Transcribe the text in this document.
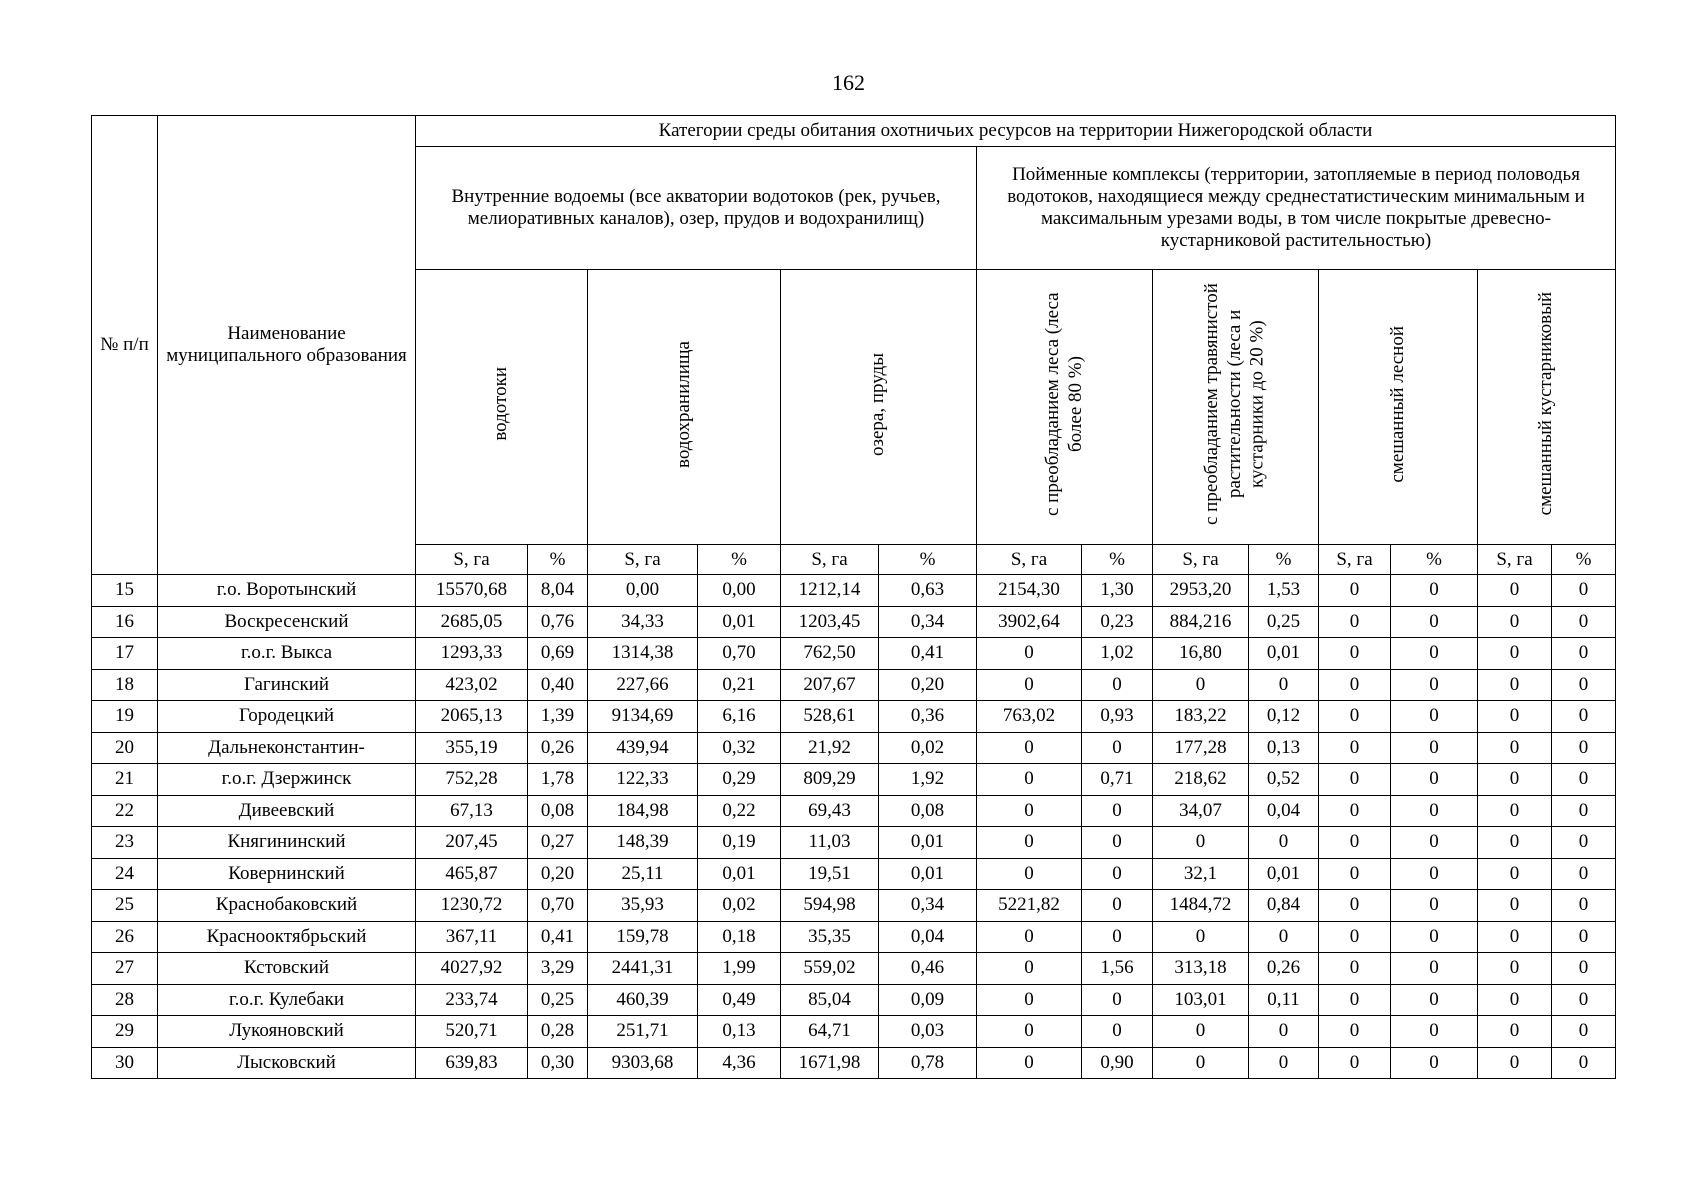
162
№ п/п	Наименование муниципального образования	Категории среды обитания охотничьих ресурсов на территории Нижегородской области													
		Внутренние водоемы (все акватории водотоков (рек, ручьев, мелиоративных каналов), озер, прудов и водохранилищ)						Пойменные комплексы (территории, затопляемые в период половодья водотоков, находящиеся между среднестатистическим минимальным и максимальным урезами воды, в том числе покрытые древесно-кустарниковой растительностью)							
		водотоки		водохранилища		озера, пруды		с преобладанием леса (леса более 80 %)		с преобладанием травянистой растительности (леса и кустарники до 20 %)		смешанный лесной		смешанный кустарниковый	
		S, га	%	S, га	%	S, га	%	S, га	%	S, га	%	S, га	%	S, га	%
15	г.о. Воротынский	15570,68	8,04	0,00	0,00	1212,14	0,63	2154,30	1,30	2953,20	1,53	0	0	0	0
16	Воскресенский	2685,05	0,76	34,33	0,01	1203,45	0,34	3902,64	0,23	884,216	0,25	0	0	0	0
17	г.о.г. Выкса	1293,33	0,69	1314,38	0,70	762,50	0,41	0	1,02	16,80	0,01	0	0	0	0
18	Гагинский	423,02	0,40	227,66	0,21	207,67	0,20	0	0	0	0	0	0	0	0
19	Городецкий	2065,13	1,39	9134,69	6,16	528,61	0,36	763,02	0,93	183,22	0,12	0	0	0	0
20	Дальнеконстантин-	355,19	0,26	439,94	0,32	21,92	0,02	0	0	177,28	0,13	0	0	0	0
21	г.о.г. Дзержинск	752,28	1,78	122,33	0,29	809,29	1,92	0	0,71	218,62	0,52	0	0	0	0
22	Дивеевский	67,13	0,08	184,98	0,22	69,43	0,08	0	0	34,07	0,04	0	0	0	0
23	Княгининский	207,45	0,27	148,39	0,19	11,03	0,01	0	0	0	0	0	0	0	0
24	Ковернинский	465,87	0,20	25,11	0,01	19,51	0,01	0	0	32,1	0,01	0	0	0	0
25	Краснобаковский	1230,72	0,70	35,93	0,02	594,98	0,34	5221,82	0	1484,72	0,84	0	0	0	0
26	Краснооктябрьский	367,11	0,41	159,78	0,18	35,35	0,04	0	0	0	0	0	0	0	0
27	Кстовский	4027,92	3,29	2441,31	1,99	559,02	0,46	0	1,56	313,18	0,26	0	0	0	0
28	г.о.г. Кулебаки	233,74	0,25	460,39	0,49	85,04	0,09	0	0	103,01	0,11	0	0	0	0
29	Лукояновский	520,71	0,28	251,71	0,13	64,71	0,03	0	0	0	0	0	0	0	0
30	Лысковский	639,83	0,30	9303,68	4,36	1671,98	0,78	0	0,90	0	0	0	0	0	0
